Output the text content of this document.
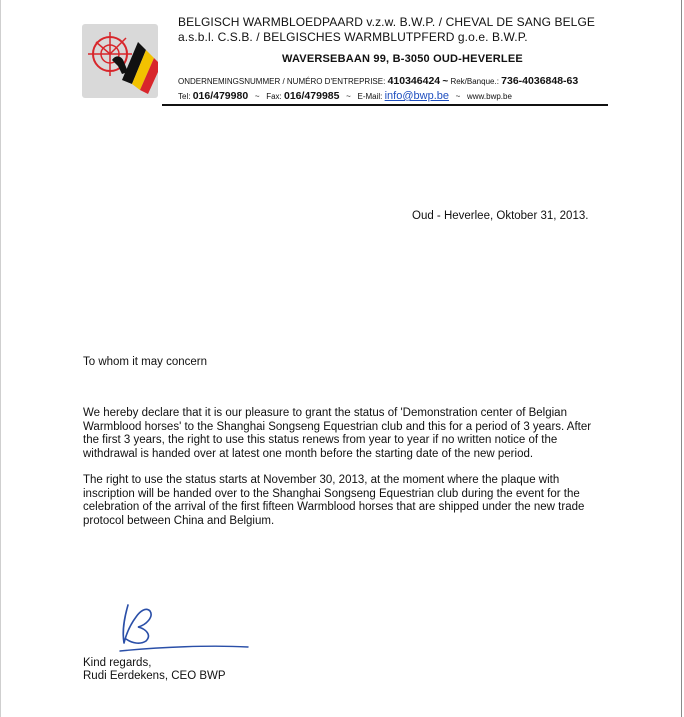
BELGISCH WARMBLOEDPAARD v.z.w. B.W.P. / CHEVAL DE SANG BELGE
a.s.b.l. C.S.B. / BELGISCHES WARMBLUTPFERD g.o.e. B.W.P.
WAVERSEBAAN 99, B-3050 OUD-HEVERLEE
ONDERNEMINGSNUMMER / NUMÉRO D'ENTREPRISE: 410346424 ~ Rek/Banque.: 736-4036848-63
Tel: 016/479980 ~ Fax: 016/479985 ~ E-Mail: info@bwp.be ~ www.bwp.be
Oud - Heverlee, Oktober 31, 2013.
To whom it may concern
We hereby declare that it is our pleasure to grant the status of 'Demonstration center of Belgian Warmblood horses' to the Shanghai Songseng Equestrian club and this for a period of 3 years. After the first 3 years, the right to use this status renews from year to year if no written notice of the withdrawal is handed over at latest one month before the starting date of the new period.
The right to use the status starts at November 30, 2013, at the moment where the plaque with inscription will be handed over to the Shanghai Songseng Equestrian club during the event for the celebration of the arrival of the first fifteen Warmblood horses that are shipped under the new trade protocol between China and Belgium.
Kind regards,
Rudi Eerdekens, CEO BWP
